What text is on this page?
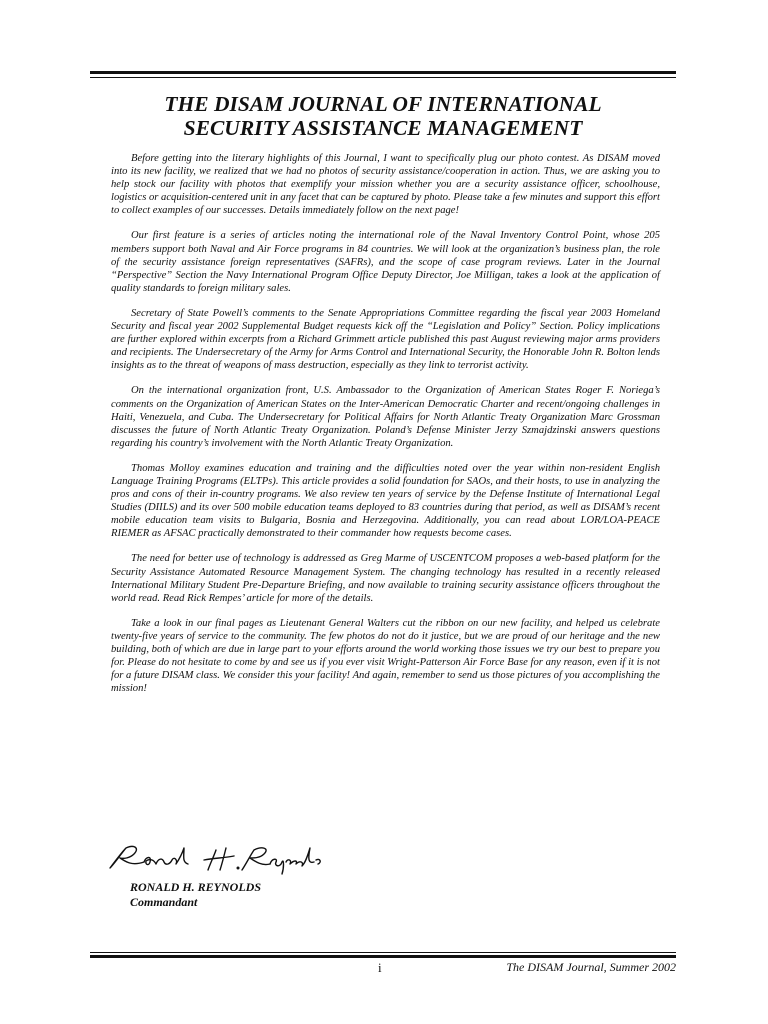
THE DISAM JOURNAL OF INTERNATIONAL
SECURITY ASSISTANCE MANAGEMENT

Before getting into the literary highlights of this Journal, I want to specifically plug our photo contest. As DISAM moved into its new facility, we realized that we had no photos of security assistance/cooperation in action. Thus, we are asking you to help stock our facility with photos that exemplify your mission whether you are a security assistance officer, schoolhouse, logistics or acquisition-centered unit in any facet that can be captured by photo. Please take a few minutes and support this effort to collect examples of our successes. Details immediately follow on the next page!

Our first feature is a series of articles noting the international role of the Naval Inventory Control Point, whose 205 members support both Naval and Air Force programs in 84 countries. We will look at the organization’s business plan, the role of the security assistance foreign representatives (SAFRs), and the scope of case program reviews. Later in the Journal “Perspective” Section the Navy International Program Office Deputy Director, Joe Milligan, takes a look at the application of quality standards to foreign military sales.

Secretary of State Powell’s comments to the Senate Appropriations Committee regarding the fiscal year 2003 Homeland Security and fiscal year 2002 Supplemental Budget requests kick off the “Legislation and Policy” Section. Policy implications are further explored within excerpts from a Richard Grimmett article published this past August reviewing major arms providers and recipients. The Undersecretary of the Army for Arms Control and International Security, the Honorable John R. Bolton lends insights as to the threat of weapons of mass destruction, especially as they link to terrorist activity.

On the international organization front, U.S. Ambassador to the Organization of American States Roger F. Noriega’s comments on the Organization of American States on the Inter-American Democratic Charter and recent/ongoing challenges in Haiti, Venezuela, and Cuba. The Undersecretary for Political Affairs for North Atlantic Treaty Organization Marc Grossman discusses the future of North Atlantic Treaty Organization. Poland’s Defense Minister Jerzy Szmajdzinski answers questions regarding his country’s involvement with the North Atlantic Treaty Organization.

Thomas Molloy examines education and training and the difficulties noted over the year within non-resident English Language Training Programs (ELTPs). This article provides a solid foundation for SAOs, and their hosts, to use in analyzing the pros and cons of their in-country programs. We also review ten years of service by the Defense Institute of International Legal Studies (DIILS) and its over 500 mobile education teams deployed to 83 countries during that period, as well as DISAM’s recent mobile education team visits to Bulgaria, Bosnia and Herzegovina. Additionally, you can read about LOR/LOA-PEACE RIEMER as AFSAC practically demonstrated to their commander how requests become cases.

The need for better use of technology is addressed as Greg Marme of USCENTCOM proposes a web-based platform for the Security Assistance Automated Resource Management System. The changing technology has resulted in a recently released International Military Student Pre-Departure Briefing, and now available to training security assistance officers throughout the world read. Read Rick Rempes’ article for more of the details.

Take a look in our final pages as Lieutenant General Walters cut the ribbon on our new facility, and helped us celebrate twenty-five years of service to the community. The few photos do not do it justice, but we are proud of our heritage and the new building, both of which are due in large part to your efforts around the world working those issues we try our best to prepare you for. Please do not hesitate to come by and see us if you ever visit Wright-Patterson Air Force Base for any reason, even if it is not for a future DISAM class. We consider this your facility! And again, remember to send us those pictures of you accomplishing the mission!

RONALD H. REYNOLDS
Commandant
i	The DISAM Journal, Summer 2002
